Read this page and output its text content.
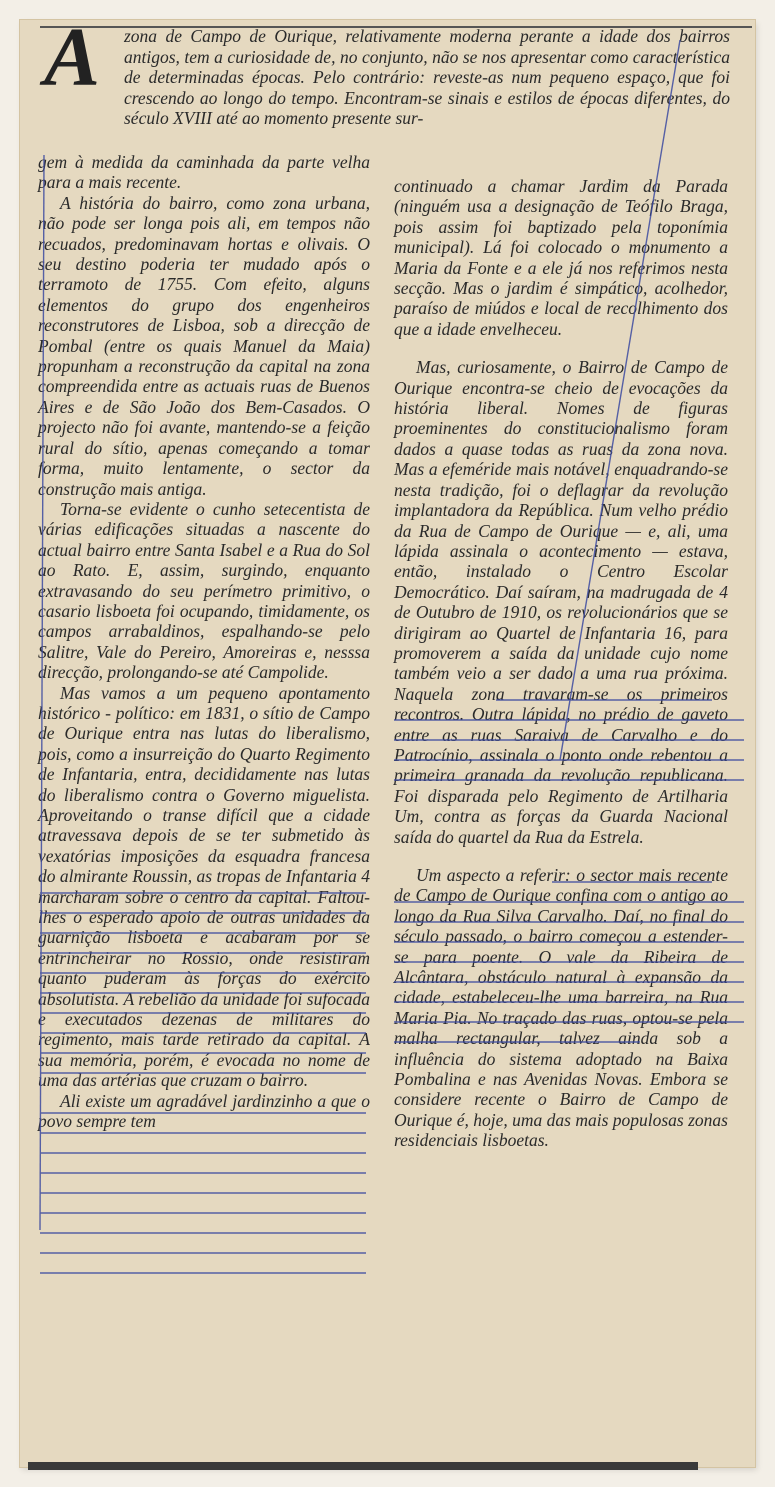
A zona de Campo de Ourique, relativamente moderna perante a idade dos bairros antigos, tem a curiosidade de, no conjunto, não se nos apresentar como característica de determinadas épocas. Pelo contrário: reveste-as num pequeno espaço, que foi crescendo ao longo do tempo. Encontram-se sinais e estilos de épocas diferentes, do século XVIII até ao momento presente sur-

gem à medida da caminhada da parte velha para a mais recente.

A história do bairro, como zona urbana, não pode ser longa pois ali, em tempos não recuados, predominavam hortas e olivais. O seu destino poderia ter mudado após o terramoto de 1755. Com efeito, alguns elementos do grupo dos engenheiros reconstrutores de Lisboa, sob a direcção de Pombal (entre os quais Manuel da Maia) propunham a reconstrução da capital na zona compreendida entre as actuais ruas de Buenos Aires e de São João dos Bem-Casados. O projecto não foi avante, mantendo-se a feição rural do sítio, apenas começando a tomar forma, muito lentamente, o sector da construção mais antiga.

Torna-se evidente o cunho setecentista de várias edificações situadas a nascente do actual bairro entre Santa Isabel e a Rua do Sol ao Rato. E, assim, surgindo, enquanto extravasando do seu perímetro primitivo, o casario lisboeta foi ocupando, timidamente, os campos arrabaldinos, espalhando-se pelo Salitre, Vale do Pereiro, Amoreiras e, nesssa direcção, prolongando-se até Campolide.

Mas vamos a um pequeno apontamento histórico - político: em 1831, o sítio de Campo de Ourique entra nas lutas do liberalismo, pois, como a insurreição do Quarto Regimento de Infantaria, entra, decididamente nas lutas do liberalismo contra o Governo miguelista. Aproveitando o transe difícil que a cidade atravessava depois de se ter submetido às vexatórias imposições da esquadra francesa do almirante Roussin, as tropas de Infantaria 4 marcharam sobre o centro da capital. Faltou-lhes o esperado apoio de outras unidades da guarnição lisboeta e acabaram por se entrincheirar no Rossio, onde resistiram quanto puderam às forças do exército absolutista. A rebelião da unidade foi sufocada e executados dezenas de militares do regimento, mais tarde retirado da capital. A sua memória, porém, é evocada no nome de uma das artérias que cruzam o bairro.

Ali existe um agradável jardinzinho a que o povo sempre tem

continuado a chamar Jardim da Parada (ninguém usa a designação de Teófilo Braga, pois assim foi baptizado pela toponímia municipal). Lá foi colocado o monumento a Maria da Fonte e a ele já nos referimos nesta secção. Mas o jardim é simpático, acolhedor, paraíso de miúdos e local de recolhimento dos que a idade envelheceu.

Mas, curiosamente, o Bairro de Campo de Ourique encontra-se cheio de evocações da história liberal. Nomes de figuras proeminentes do constitucionalismo foram dados a quase todas as ruas da zona nova. Mas a efeméride mais notável, enquadrando-se nesta tradição, foi o deflagrar da revolução implantadora da República. Num velho prédio da Rua de Campo de Ourique — e, ali, uma lápida assinala o acontecimento — estava, então, instalado o Centro Escolar Democrático. Daí saíram, na madrugada de 4 de Outubro de 1910, os revolucionários que se dirigiram ao Quartel de Infantaria 16, para promoverem a saída da unidade cujo nome também veio a ser dado a uma rua próxima. Naquela zona travaram-se os primeiros recontros. Outra lápida, no prédio de gaveto entre as ruas Saraiva de Carvalho e do Patrocínio, assinala o ponto onde rebentou a primeira granada da revolução republicana. Foi disparada pelo Regimento de Artilharia Um, contra as forças da Guarda Nacional saída do quartel da Rua da Estrela.

Um aspecto a referir: o sector mais recente de Campo de Ourique confina com o antigo ao longo da Rua Silva Carvalho. Daí, no final do século passado, o bairro começou a estender-se para poente. O vale da Ribeira de Alcântara, obstáculo natural à expansão da cidade, estabeleceu-lhe uma barreira, na Rua Maria Pia. No traçado das ruas, optou-se pela malha rectangular, talvez ainda sob a influência do sistema adoptado na Baixa Pombalina e nas Avenidas Novas. Embora se considere recente o Bairro de Campo de Ourique é, hoje, uma das mais populosas zonas residenciais lisboetas.
